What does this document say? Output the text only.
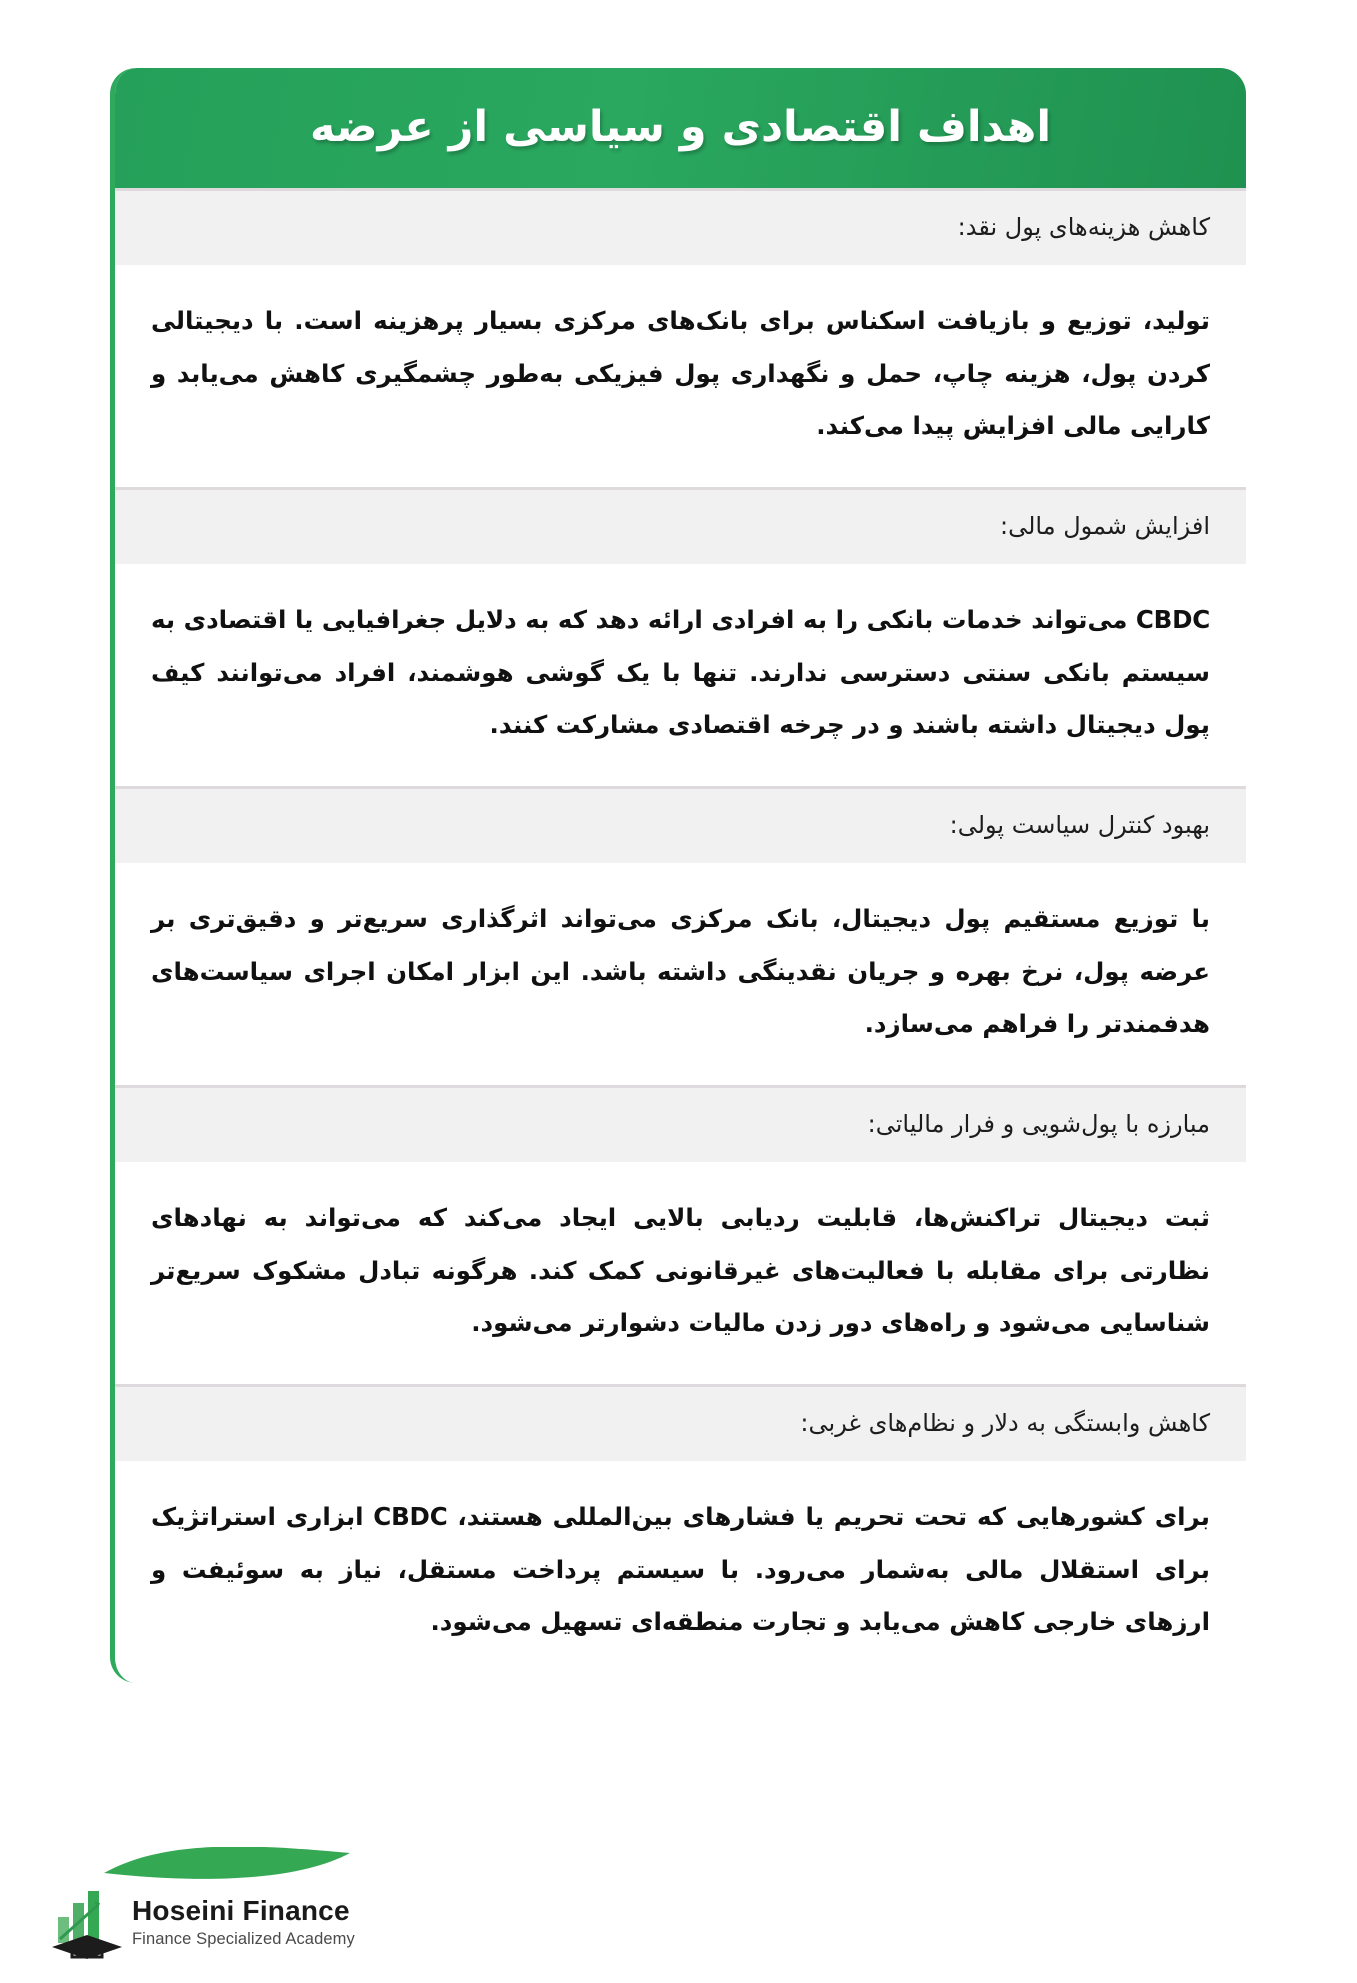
اهداف اقتصادی و سیاسی از عرضه
کاهش هزینه‌های پول نقد:

تولید، توزیع و بازیافت اسکناس برای بانک‌های مرکزی بسیار پرهزینه است. با دیجیتالی کردن پول، هزینه چاپ، حمل و نگهداری پول فیزیکی به‌طور چشمگیری کاهش می‌یابد و کارایی مالی افزایش پیدا می‌کند.

افزایش شمول مالی:

CBDC می‌تواند خدمات بانکی را به افرادی ارائه دهد که به دلایل جغرافیایی یا اقتصادی به سیستم بانکی سنتی دسترسی ندارند. تنها با یک گوشی هوشمند، افراد می‌توانند کیف پول دیجیتال داشته باشند و در چرخه اقتصادی مشارکت کنند.

بهبود کنترل سیاست پولی:

با توزیع مستقیم پول دیجیتال، بانک مرکزی می‌تواند اثرگذاری سریع‌تر و دقیق‌تری بر عرضه پول، نرخ بهره و جریان نقدینگی داشته باشد. این ابزار امکان اجرای سیاست‌های هدفمندتر را فراهم می‌سازد.

مبارزه با پول‌شویی و فرار مالیاتی:

ثبت دیجیتال تراکنش‌ها، قابلیت ردیابی بالایی ایجاد می‌کند که می‌تواند به نهادهای نظارتی برای مقابله با فعالیت‌های غیرقانونی کمک کند. هرگونه تبادل مشکوک سریع‌تر شناسایی می‌شود و راه‌های دور زدن مالیات دشوارتر می‌شود.

کاهش وابستگی به دلار و نظام‌های غربی:

برای کشورهایی که تحت تحریم یا فشارهای بین‌المللی هستند، CBDC ابزاری استراتژیک برای استقلال مالی به‌شمار می‌رود. با سیستم پرداخت مستقل، نیاز به سوئیفت و ارزهای خارجی کاهش می‌یابد و تجارت منطقه‌ای تسهیل می‌شود.

Hoseini Finance
Finance Specialized Academy
